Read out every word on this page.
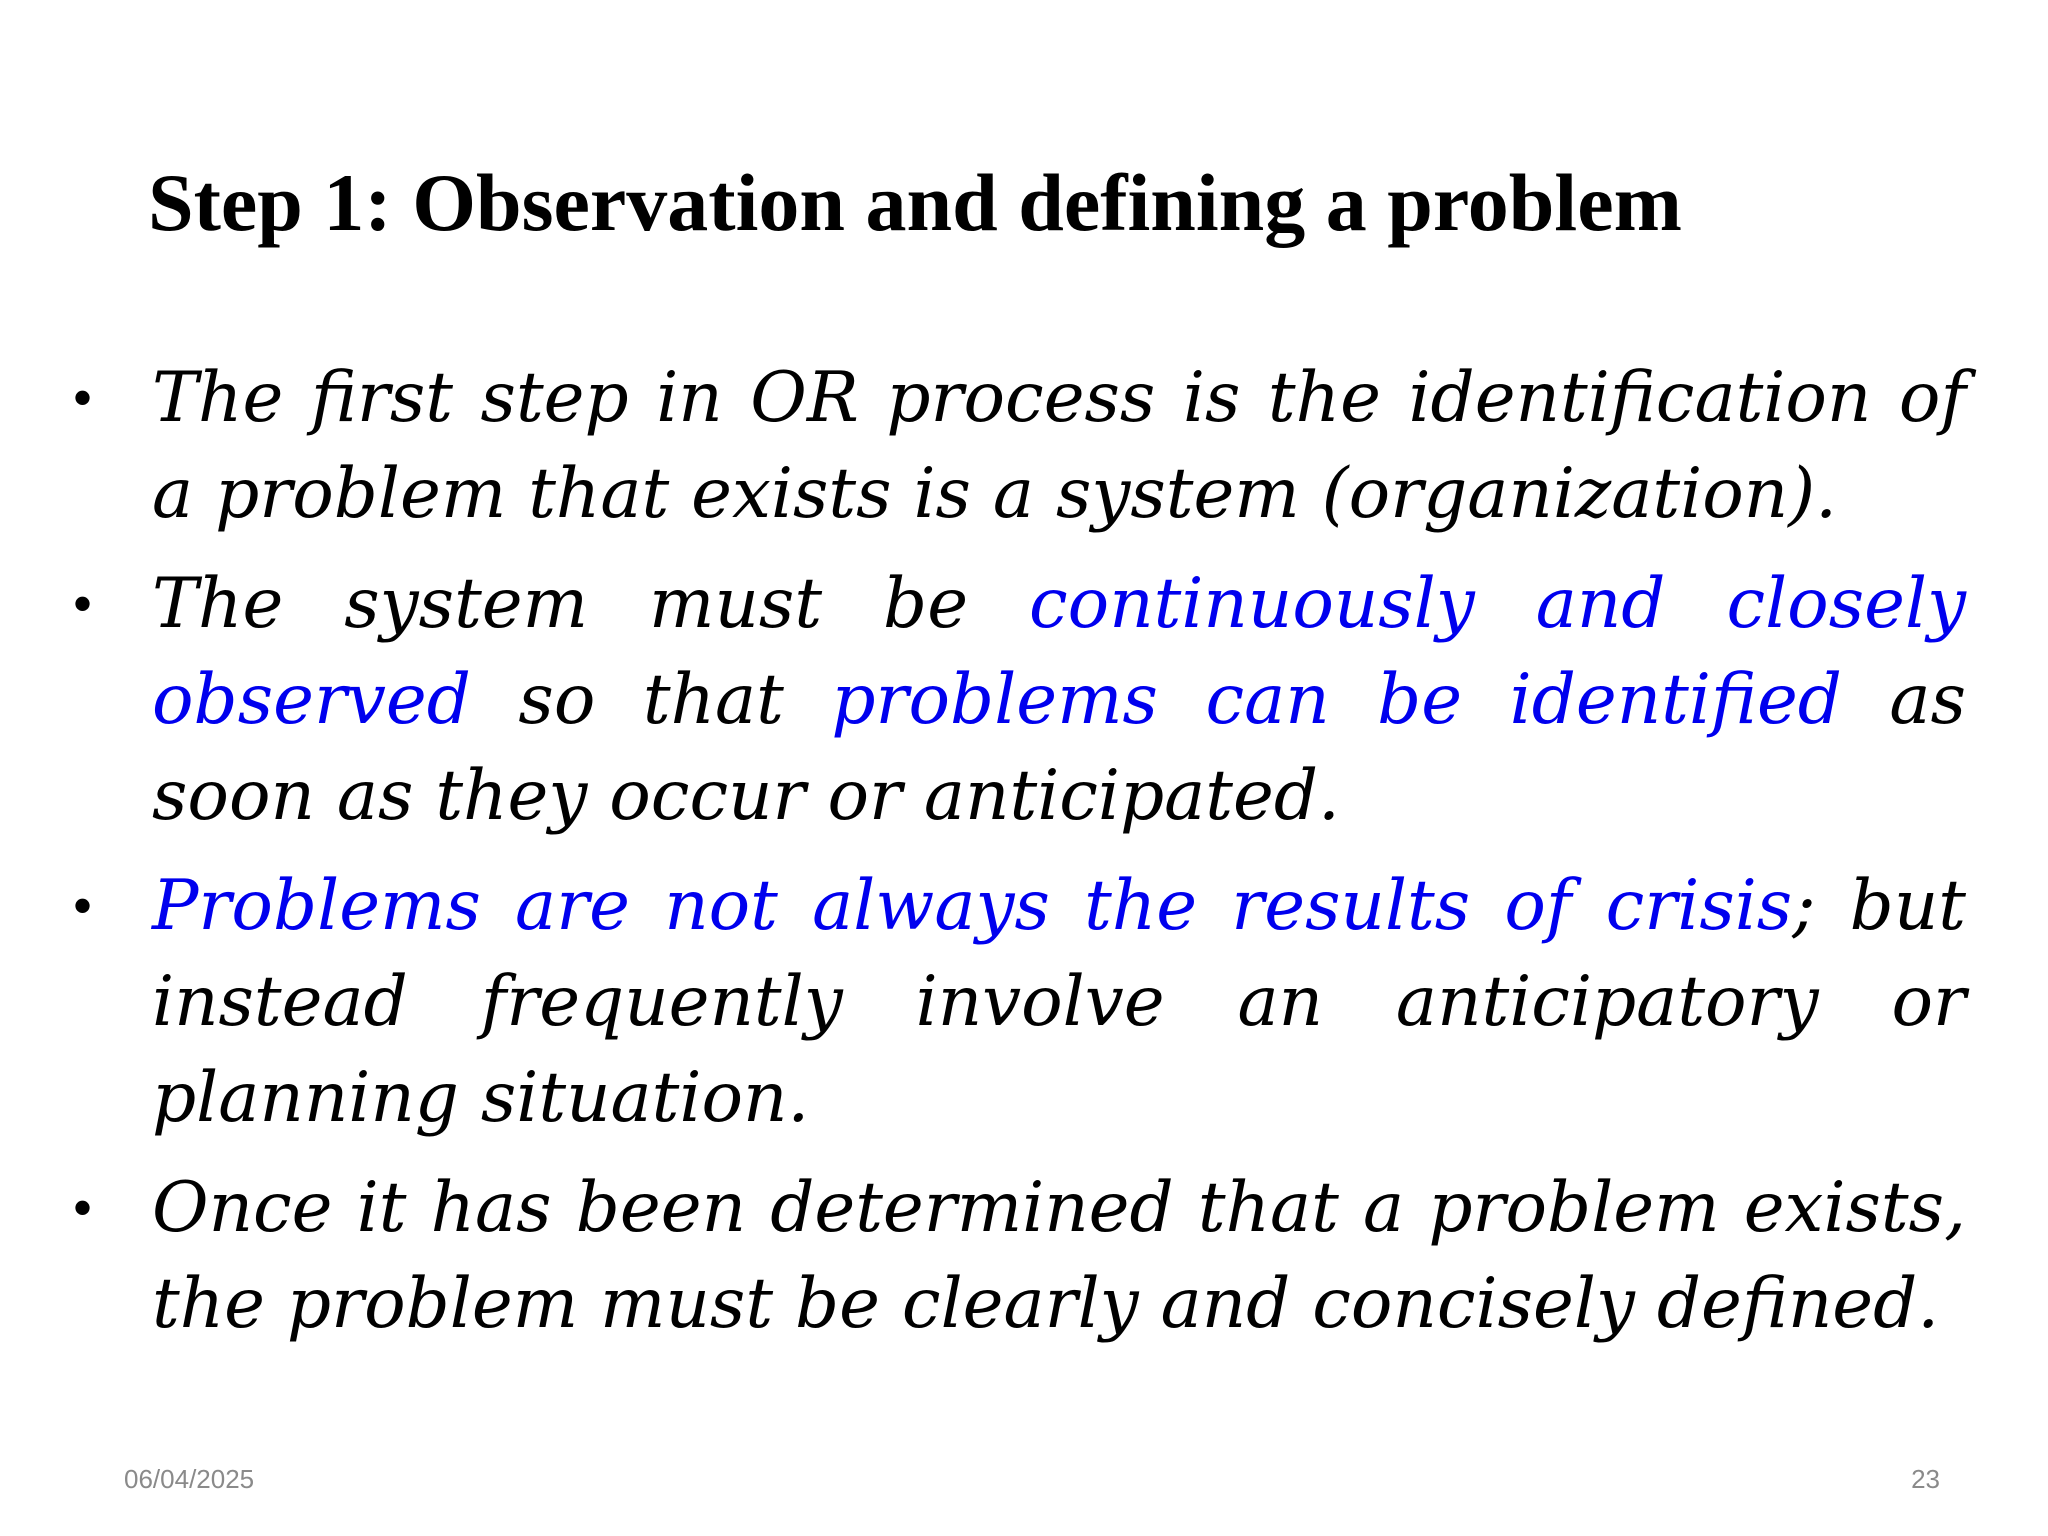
Step 1: Observation and defining a problem
• The first step in OR process is the identification of a problem that exists is a system (organization).
• The system must be continuously and closely observed so that problems can be identified as soon as they occur or anticipated.
• Problems are not always the results of crisis; but instead frequently involve an anticipatory or planning situation.
• Once it has been determined that a problem exists, the problem must be clearly and concisely defined.
06/04/2025	23
